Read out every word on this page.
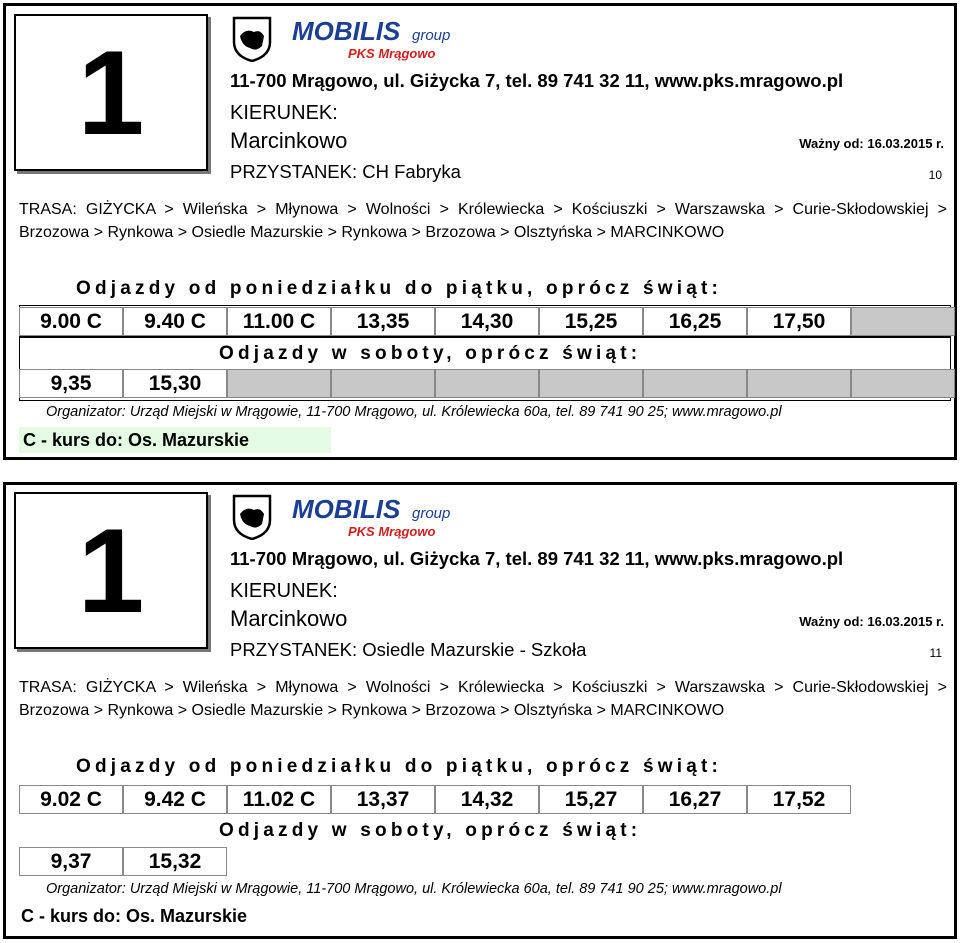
1	MOBILIS group
PKS Mrągowo
11-700 Mrągowo, ul. Giżycka 7, tel. 89 741 32 11, www.pks.mragowo.pl
KIERUNEK:
Marcinkowo	Ważny od: 16.03.2015 r.
PRZYSTANEK: CH Fabryka	10
TRASA: GIŻYCKA > Wileńska > Młynowa > Wolności > Królewiecka > Kościuszki > Warszawska > Curie-Skłodowskiej > Brzozowa > Rynkowa > Osiedle Mazurskie > Rynkowa > Brzozowa > Olsztyńska > MARCINKOWO
Odjazdy od poniedziałku do piątku, oprócz świąt:
9.00 C	9.40 C	11.00 C	13,35	14,30	15,25	16,25	17,50
Odjazdy w soboty, oprócz świąt:
9,35	15,30
Organizator: Urząd Miejski w Mrągowie, 11-700 Mrągowo, ul. Królewiecka 60a, tel. 89 741 90 25; www.mragowo.pl
C - kurs do: Os. Mazurskie
1	MOBILIS group
PKS Mrągowo
11-700 Mrągowo, ul. Giżycka 7, tel. 89 741 32 11, www.pks.mragowo.pl
KIERUNEK:
Marcinkowo	Ważny od: 16.03.2015 r.
PRZYSTANEK: Osiedle Mazurskie - Szkoła	11
TRASA: GIŻYCKA > Wileńska > Młynowa > Wolności > Królewiecka > Kościuszki > Warszawska > Curie-Skłodowskiej > Brzozowa > Rynkowa > Osiedle Mazurskie > Rynkowa > Brzozowa > Olsztyńska > MARCINKOWO
Odjazdy od poniedziałku do piątku, oprócz świąt:
9.02 C	9.42 C	11.02 C	13,37	14,32	15,27	16,27	17,52
Odjazdy w soboty, oprócz świąt:
9,37	15,32
Organizator: Urząd Miejski w Mrągowie, 11-700 Mrągowo, ul. Królewiecka 60a, tel. 89 741 90 25; www.mragowo.pl
C - kurs do: Os. Mazurskie
